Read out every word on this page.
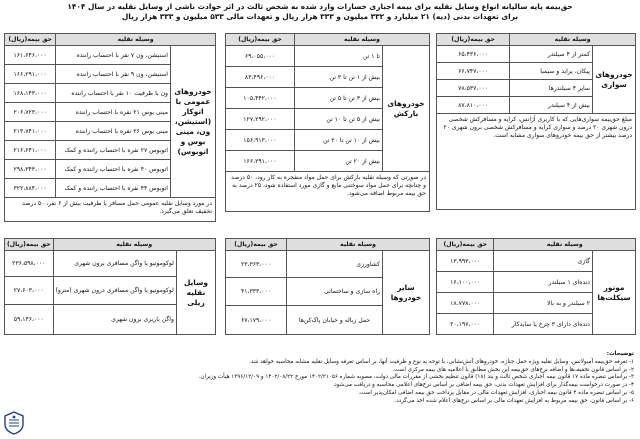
حق‌بیمه پایه سالیانه انواع وسایل نقلیه برای بیمه اجباری خسارات وارد شده به شخص ثالث در اثر حوادث ناشی از وسایل نقلیه در سال ۱۴۰۴
برای تعهدات بدنی (دیه) ۲۱ میلیارد و ۳۳۲ میلیون و ۳۳۳ هزار ریال و تعهدات مالی ۵۳۳ میلیون و ۳۳۳ هزار ریال
وسیله نقلیه		حق بیمه(ریال)
خودروهای سواری	کمتر از ۴ سیلندر	۶۵،۴۳۶،۰۰۰
	پیکان، پراید و سیمبا	۶۶،۷۴۷،۰۰۰
	سایر ۴ سیلندرها	۷۸،۵۳۷،۰۰۰
	بیش از ۴ سیلندر	۸۷،۸۱۰،۰۰۰
مبلغ حق‌بیمه سواری‌هایی که با کاربری آژانس، کرایه و مسافرکش شخصی درون شهری ۲۰ درصد و سواری کرایه و مسافرکش شخصی برون شهری ۲۰ درصد بیشتر از حق بیمه خودروهای سواری مشابه است.		
وسیله نقلیه		حق بیمه(ریال)
موتور سیکلت‌ها	گازی	۱۳،۹۹۳،۰۰۰
	دنده‌ای ۱ سیلندر	۱۶،۱۰۰،۰۰۰
	۲ سیلندر و به بالا	۱۸،۷۷۸،۰۰۰
	دنده‌ای دارای ۳ چرخ یا سایدکار	۲۰،۱۹۷،۰۰۰
وسیله نقلیه		حق بیمه(ریال)
خودروهای بارکش	تا ۱ تن	۶۹،۰۵۵،۰۰۰
	بیش از ۱ تن تا ۳ تن	۸۳،۴۹۶،۰۰۰
	بیش از ۳ تن تا ۵ تن	۱۰۵،۴۴۲،۰۰۰
	بیش از ۵ تن تا ۱۰ تن	۱۲۷،۲۹۲،۰۰۰
	بیش از ۱۰ تن تا ۲۰ تن	۱۵۶،۹۱۳،۰۰۰
	بیش از ۲۰ تن	۱۶۶،۲۹۱،۰۰۰
در صورتی که وسیله نقلیه بارکش برای حمل مواد منفجره به کار رود، ۵۰ درصد و چنانچه برای حمل مواد سوختنی مایع و گازی مورد استفاده شود، ۲۵ درصد به حق بیمه مربوط اضافه می‌شود.		
وسیله نقلیه		حق بیمه(ریال)
سایر خودروها	کشاورزی	۲۳،۳۶۳،۰۰۰
	راه سازی و ساختمانی	۴۱،۳۳۳،۰۰۰
	حمل زباله و خیابان پاک‌کن‌ها	۶۷،۱۷۹،۰۰۰
وسیله نقلیه		حق بیمه(ریال)
خودروهای عمومی با اتوکار (استیشن، ون، مینی بوس و اتوبوس)	استیشن، ون ۷ نفر با احتساب راننده	۱۶۱،۶۴۶،۰۰۰
	استیشن، ون ۹ نفر با احتساب راننده	۱۶۶،۲۹۱،۰۰۰
	ون با ظرفیت ۱۰ نفر با احتساب راننده	۱۶۸،۱۴۳،۰۰۰
	مینی بوس ۲۱ نفره با احتساب راننده	۲۰۶،۷۲۳،۰۰۰
	مینی بوس ۲۶ نفره با احتساب راننده	۲۱۴،۷۴۱،۰۰۰
	اتوبوس ۲۷ نفره با احتساب راننده و کمک	۲۱۶،۶۴۱،۰۰۰
	اتوبوس ۴۰ نفره با احتساب راننده و کمک	۲۹۸،۳۴۳،۰۰۰
	اتوبوس ۴۴ نفره با احتساب راننده و کمک	۳۲۲،۸۸۴،۰۰۰
در مورد وسایل نقلیه عمومی حمل مسافر با ظرفیت بیش از ۶ نفر، ۵۰ درصد تخفیف تعلق می‌گیرد.		
وسیله نقلیه		حق بیمه(ریال)
وسایل نقلیه ریلی	لوکوموتیو یا واگن مسافری برون شهری	۲۳۶،۵۹۸،۰۰۰
	لوکوموتیو یا واگن مسافری درون شهری (مترو)	۲۷،۶۰۳،۰۰۰
	واگن باربری برون شهری	۵۹،۱۴۶،۰۰۰
توضیحات:
۱- تعرفه حق‌بیمه آمبولانس، وسایل نقلیه ویژه حمل جنازه، خودروهای آتش‌نشانی، با توجه به نوع و ظرفیت آنها، بر اساس تعرفه وسایل نقلیه مشابه محاسبه خواهد شد.
۲- بر اساس قانون تخفیف‌ها و اضافه نرخ‌های حق‌بیمه این بخش مطابق با اعلامیه های بیمه مرکزی است.
۳- براساس تبصره ماده ۱۷ قانون بیمه اجباری شخص ثالث و بند (۱۸) قانون تنظیم بخشی از مقررات مالی دولت، مصوبه شماره ۱۴۰۲/۲۱۰۵۶ مورخ ۱۴۰۲/۰۸/۲۲ و ۱۳۹۶/۱۲/۰۹ هیأت وزیران.
۴- در صورت درخواست بیمه‌گذار برای افزایش تعهدات بدنی، حق بیمه اضافی بر اساس نرخ‌های اعلامی محاسبه و دریافت می‌شود.
۵- بر اساس تبصره ماده ۴ قانون بیمه اجباری، افزایش تعهدات مالی در مقابل پرداخت حق بیمه اضافی امکان‌پذیر است.
۶- بر اساس قانون، حق بیمه مربوط به افزایش تعهدات مالی بر اساس نرخ‌های اعلام شده اخذ می‌گردد.
